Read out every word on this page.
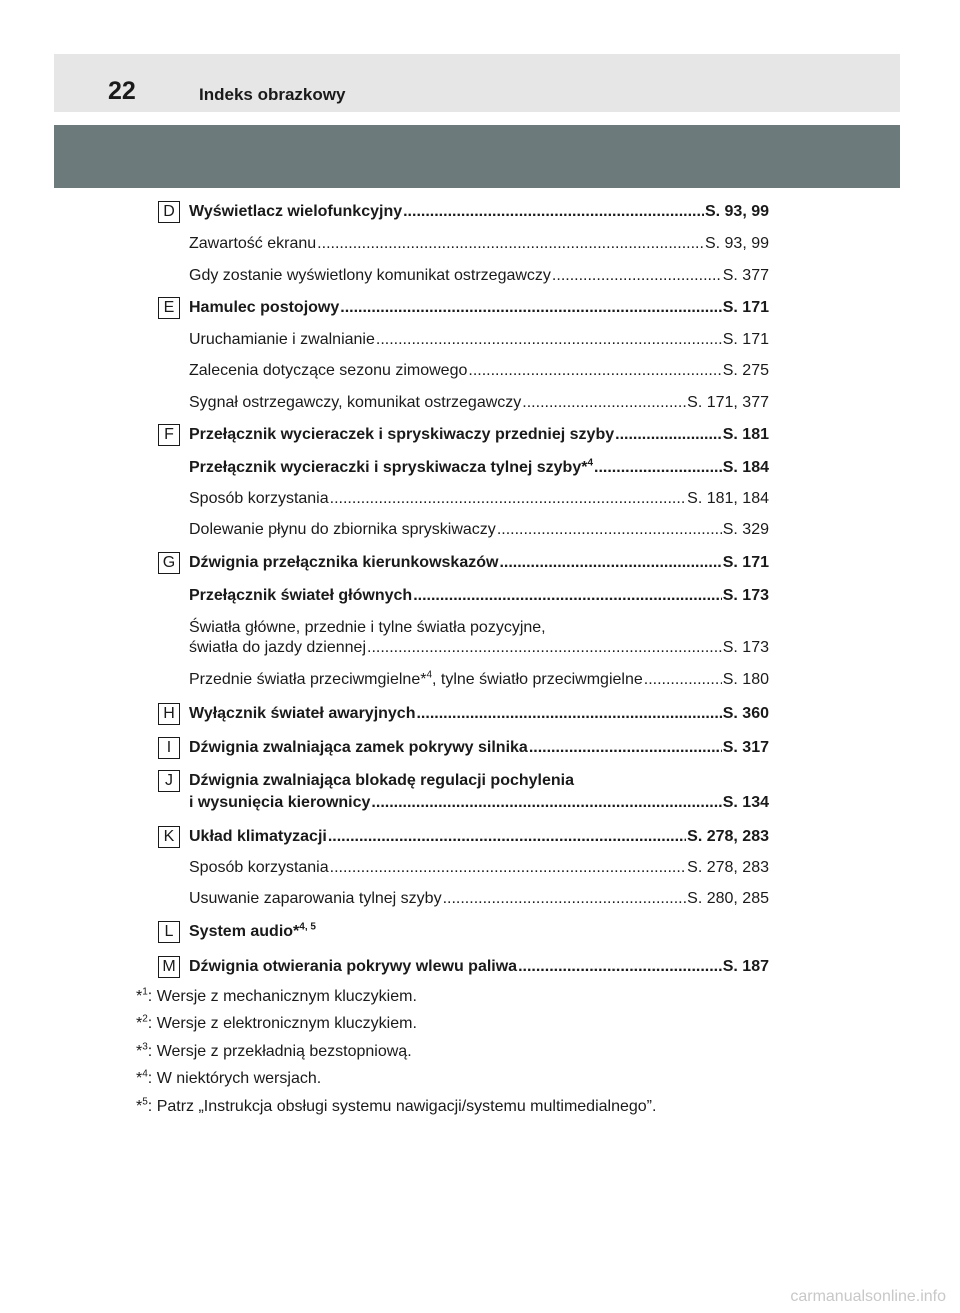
22	Indeks obrazkowy
D Wyświetlacz wielofunkcyjny .....	S. 93, 99
Zawartość ekranu .....	S. 93, 99
Gdy zostanie wyświetlony komunikat ostrzegawczy .....	S. 377
E Hamulec postojowy .....	S. 171
Uruchamianie i zwalnianie .....	S. 171
Zalecenia dotyczące sezonu zimowego .....	S. 275
Sygnał ostrzegawczy, komunikat ostrzegawczy .....	S. 171, 377
F Przełącznik wycieraczek i spryskiwaczy przedniej szyby .....	S. 181
Przełącznik wycieraczki i spryskiwacza tylnej szyby*$^4$ .....	S. 184
Sposób korzystania .....	S. 181, 184
Dolewanie płynu do zbiornika spryskiwaczy .....	S. 329
G Dźwignia przełącznika kierunkowskazów .....	S. 171
Przełącznik świateł głównych .....	S. 173
Światła główne, przednie i tylne światła pozycyjne,
światła do jazdy dziennej .....	S. 173
Przednie światła przeciwmgielne*$^4$, tylne światło przeciwmgielne .....	S. 180
H Wyłącznik świateł awaryjnych .....	S. 360
I	Dźwignia zwalniająca zamek pokrywy silnika .....	S. 317
J	Dźwignia zwalniająca blokadę regulacji pochylenia
i wysunięcia kierownicy .....	S. 134
K Układ klimatyzacji .....	S. 278, 283
Sposób korzystania .....	S. 278, 283
Usuwanie zaparowania tylnej szyby .....	S. 280, 285
L System audio*$^{4, 5}$
M Dźwignia otwierania pokrywy wlewu paliwa .....	S. 187
*$^1$: Wersje z mechanicznym kluczykiem.
*$^2$: Wersje z elektronicznym kluczykiem.
*$^3$: Wersje z przekładnią bezstopniową.
*$^4$: W niektórych wersjach.
*$^5$: Patrz „Instrukcja obsługi systemu nawigacji/systemu multimedialnego”.
carmanualsonline.info
